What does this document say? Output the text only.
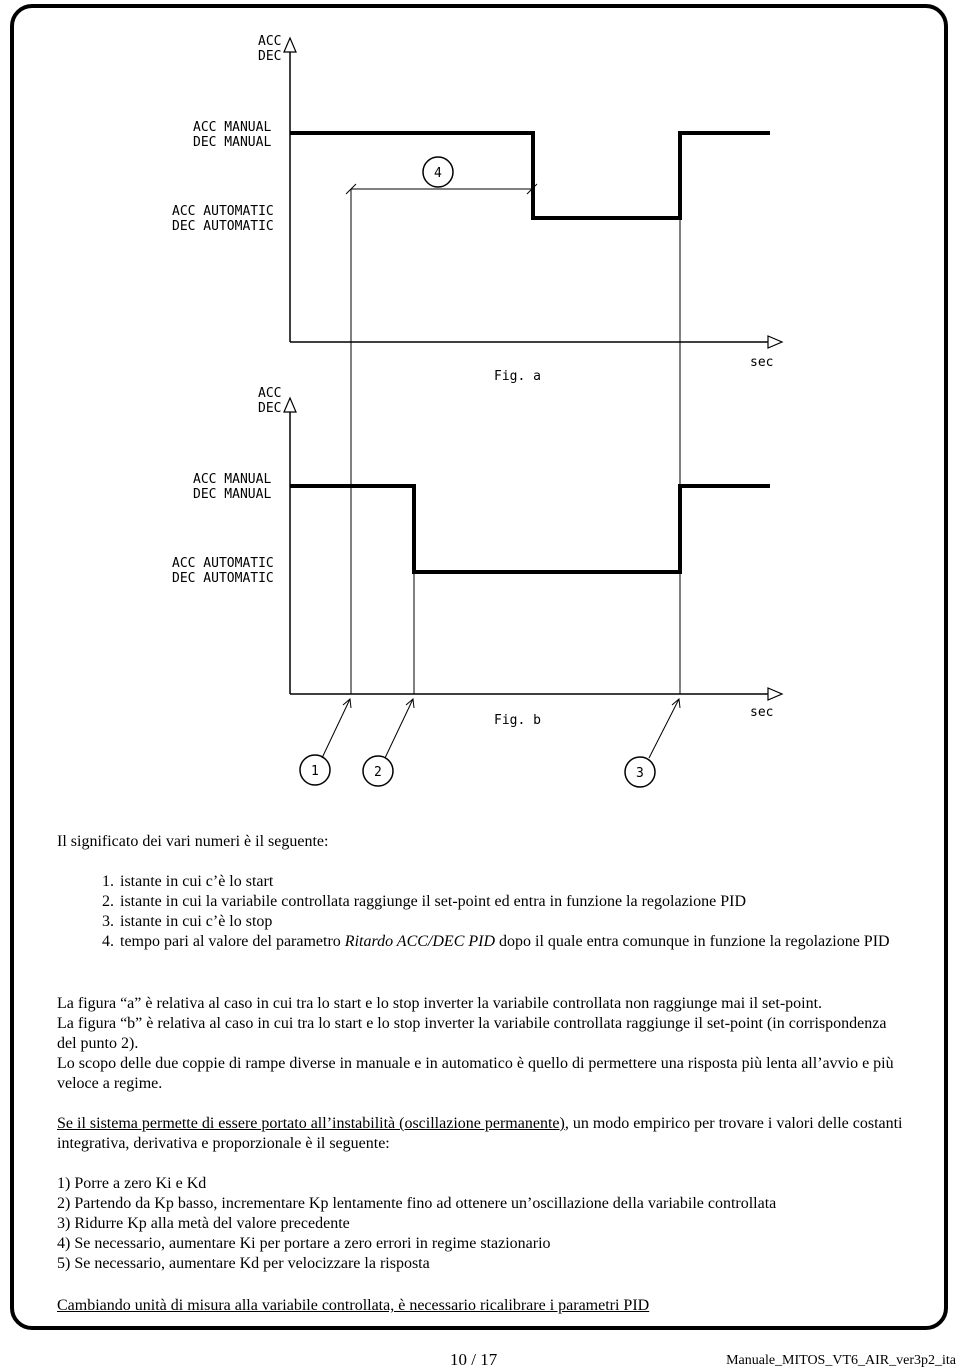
ACC
DEC
ACC MANUAL
DEC MANUAL
ACC AUTOMATIC
DEC AUTOMATIC
sec
Fig. a
4
ACC
DEC
ACC MANUAL
DEC MANUAL
ACC AUTOMATIC
DEC AUTOMATIC
sec
Fig. b
1	2	3
Il significato dei vari numeri è il seguente:
1. istante in cui c’è lo start
2. istante in cui la variabile controllata raggiunge il set-point ed entra in funzione la regolazione PID
3. istante in cui c’è lo stop
4. tempo pari al valore del parametro Ritardo ACC/DEC PID dopo il quale entra comunque in funzione la regolazione PID
La figura “a” è relativa al caso in cui tra lo start e lo stop inverter la variabile controllata non raggiunge mai il set-point.
La figura “b” è relativa al caso in cui tra lo start e lo stop inverter la variabile controllata raggiunge il set-point (in corrispondenza del punto 2).
Lo scopo delle due coppie di rampe diverse in manuale e in automatico è quello di permettere una risposta più lenta all’avvio e più veloce a regime.
Se il sistema permette di essere portato all’instabilità (oscillazione permanente), un modo empirico per trovare i valori delle costanti integrativa, derivativa e proporzionale è il seguente:
1) Porre a zero Ki e Kd
2) Partendo da Kp basso, incrementare Kp lentamente fino ad ottenere un’oscillazione della variabile controllata
3) Ridurre Kp alla metà del valore precedente
4) Se necessario, aumentare Ki per portare a zero errori in regime stazionario
5) Se necessario, aumentare Kd per velocizzare la risposta
Cambiando unità di misura alla variabile controllata, è necessario ricalibrare i parametri PID
10 / 17	Manuale_MITOS_VT6_AIR_ver3p2_ita
